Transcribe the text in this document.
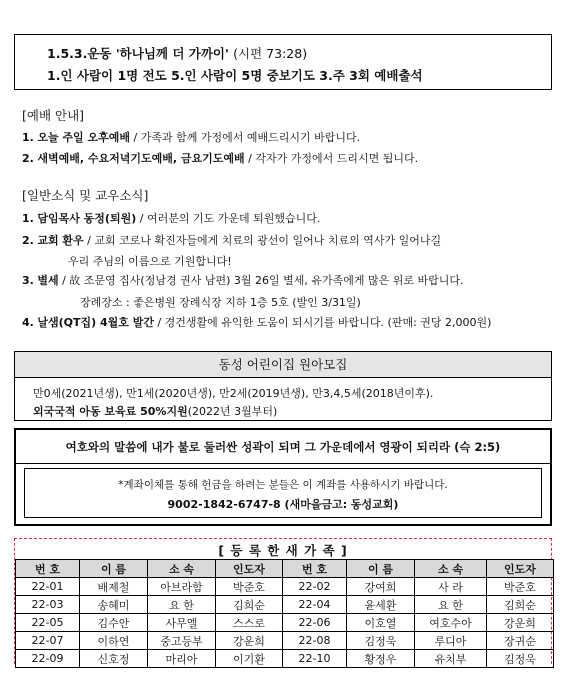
1.5.3.운동 '하나님께 더 가까이' (시편 73:28)
1.인 사람이 1명 전도 5.인 사람이 5명 중보기도 3.주 3회 예배출석
[예배 안내]
1. 오늘 주일 오후예배 / 가족과 함께 가정에서 예배드리시기 바랍니다.
2. 새벽예배, 수요저녁기도예배, 금요기도예배 / 각자가 가정에서 드리시면 됩니다.
[일반소식 및 교우소식]
1. 담임목사 동정(퇴원) / 여러분의 기도 가운데 퇴원했습니다.
2. 교회 환우 / 교회 코로나 확진자들에게 치료의 광선이 일어나 치료의 역사가 일어나길
우리 주님의 이름으로 기원합니다!
3. 별세 / 故 조문영 집사(정남경 권사 남편) 3월 26일 별세, 유가족에게 많은 위로 바랍니다.
장례장소 : 좋은병원 장례식장 지하 1층 5호 (발인 3/31일)
4. 날샘(QT집) 4월호 발간 / 경건생활에 유익한 도움이 되시기를 바랍니다. (판매: 권당 2,000원)
동성 어린이집 원아모집
만0세(2021년생), 만1세(2020년생), 만2세(2019년생), 만3,4,5세(2018년이후).
외국국적 아동 보육료 50%지원(2022년 3월부터)
여호와의 말씀에 내가 불로 둘러싼 성곽이 되며 그 가운데에서 영광이 되리라 (슥 2:5)
*계좌이체를 통해 헌금을 하려는 분들은 이 계좌를 사용하시기 바랍니다.
9002-1842-6747-8 (새마을금고: 동성교회)
[ 등 록 한 새 가 족 ]
번 호	이 름	소 속	인도자	번 호	이 름	소 속	인도자
22-01	배제철	아브라함	박준호	22-02	강여희	사 라	박준호
22-03	송혜미	요 한	김희순	22-04	윤세환	요 한	김희순
22-05	김수안	사무엘	스스로	22-06	이호열	여호수아	강운희
22-07	이하연	중고등부	강운희	22-08	김정욱	루디아	장귀순
22-09	신호정	마리아	이기환	22-10	황정우	유치부	김정욱
